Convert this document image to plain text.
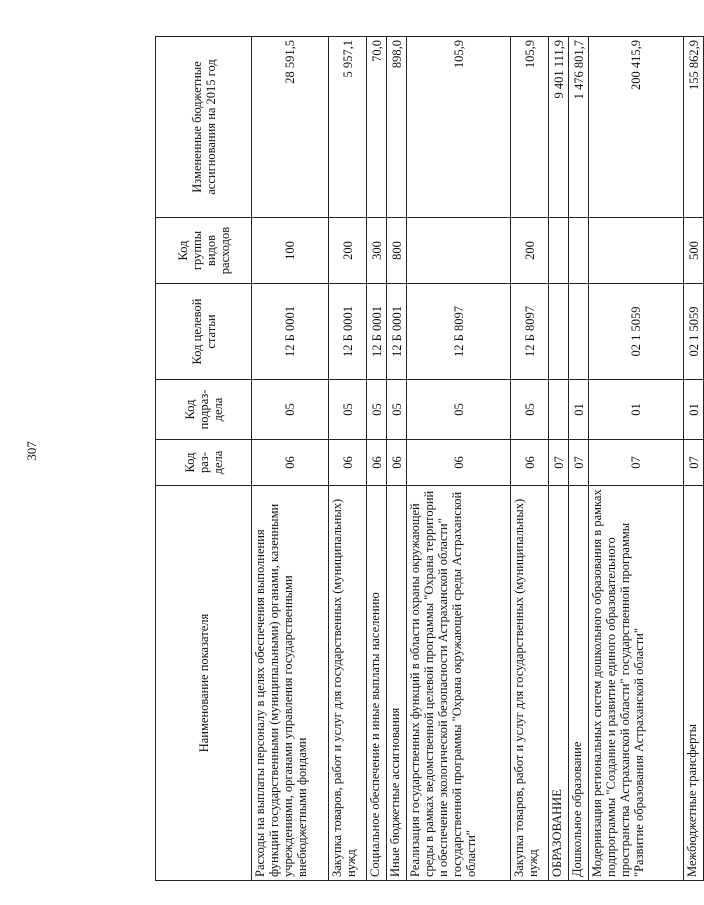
307
Наименование показателя	Код раз-дела	Код подраз-дела	Код целевой статьи	Код группы видов расходов	Измененные бюджетные ассигнования на 2015 год
Расходы на выплаты персоналу в целях обеспечения выполнения функций государственными (муниципальными) органами, казенными учреждениями, органами управления государственными внебюджетными фондами	06	05	12 Б 0001	100	28 591,5
Закупка товаров, работ и услуг для государственных (муниципальных) нужд	06	05	12 Б 0001	200	5 957,1
Социальное обеспечение и иные выплаты населению	06	05	12 Б 0001	300	70,0
Иные бюджетные ассигнования	06	05	12 Б 0001	800	898,0
Реализация государственных функций в области охраны окружающей среды в рамках ведомственной целевой программы "Охрана территорий и обеспечение экологической безопасности Астраханской области" государственной программы "Охрана окружающей среды Астраханской области"	06	05	12 Б 8097		105,9
Закупка товаров, работ и услуг для государственных (муниципальных) нужд	06	05	12 Б 8097	200	105,9
ОБРАЗОВАНИЕ	07				9 401 111,9
Дошкольное образование	07	01			1 476 801,7
Модернизация региональных систем дошкольного образования в рамках подпрограммы "Создание и развитие единого образовательного пространства Астраханской области" государственной программы "Развитие образования Астраханской области"	07	01	02 1 5059		200 415,9
Межбюджетные трансферты	07	01	02 1 5059	500	155 862,9
